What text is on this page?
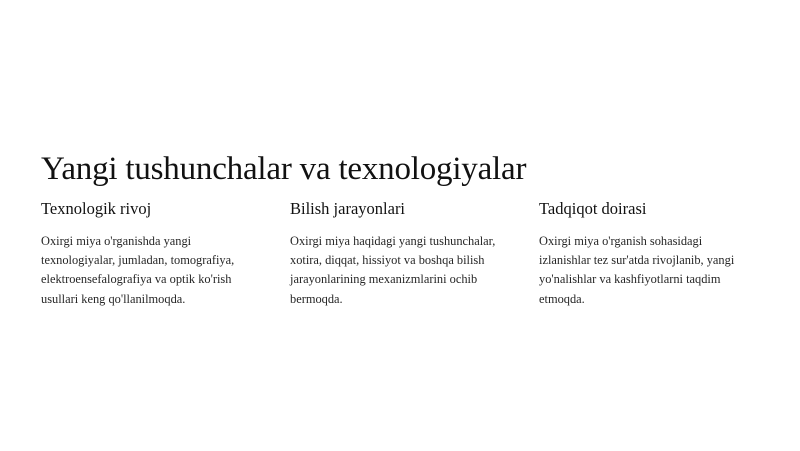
Yangi tushunchalar va texnologiyalar
Texnologik rivoj

Oxirgi miya o'rganishda yangi texnologiyalar, jumladan, tomografiya, elektroensefalografiya va optik ko'rish usullari keng qo'llanilmoqda.

Bilish jarayonlari

Oxirgi miya haqidagi yangi tushunchalar, xotira, diqqat, hissiyot va boshqa bilish jarayonlarining mexanizmlarini ochib bermoqda.

Tadqiqot doirasi

Oxirgi miya o'rganish sohasidagi izlanishlar tez sur'atda rivojlanib, yangi yo'nalishlar va kashfiyotlarni taqdim etmoqda.
